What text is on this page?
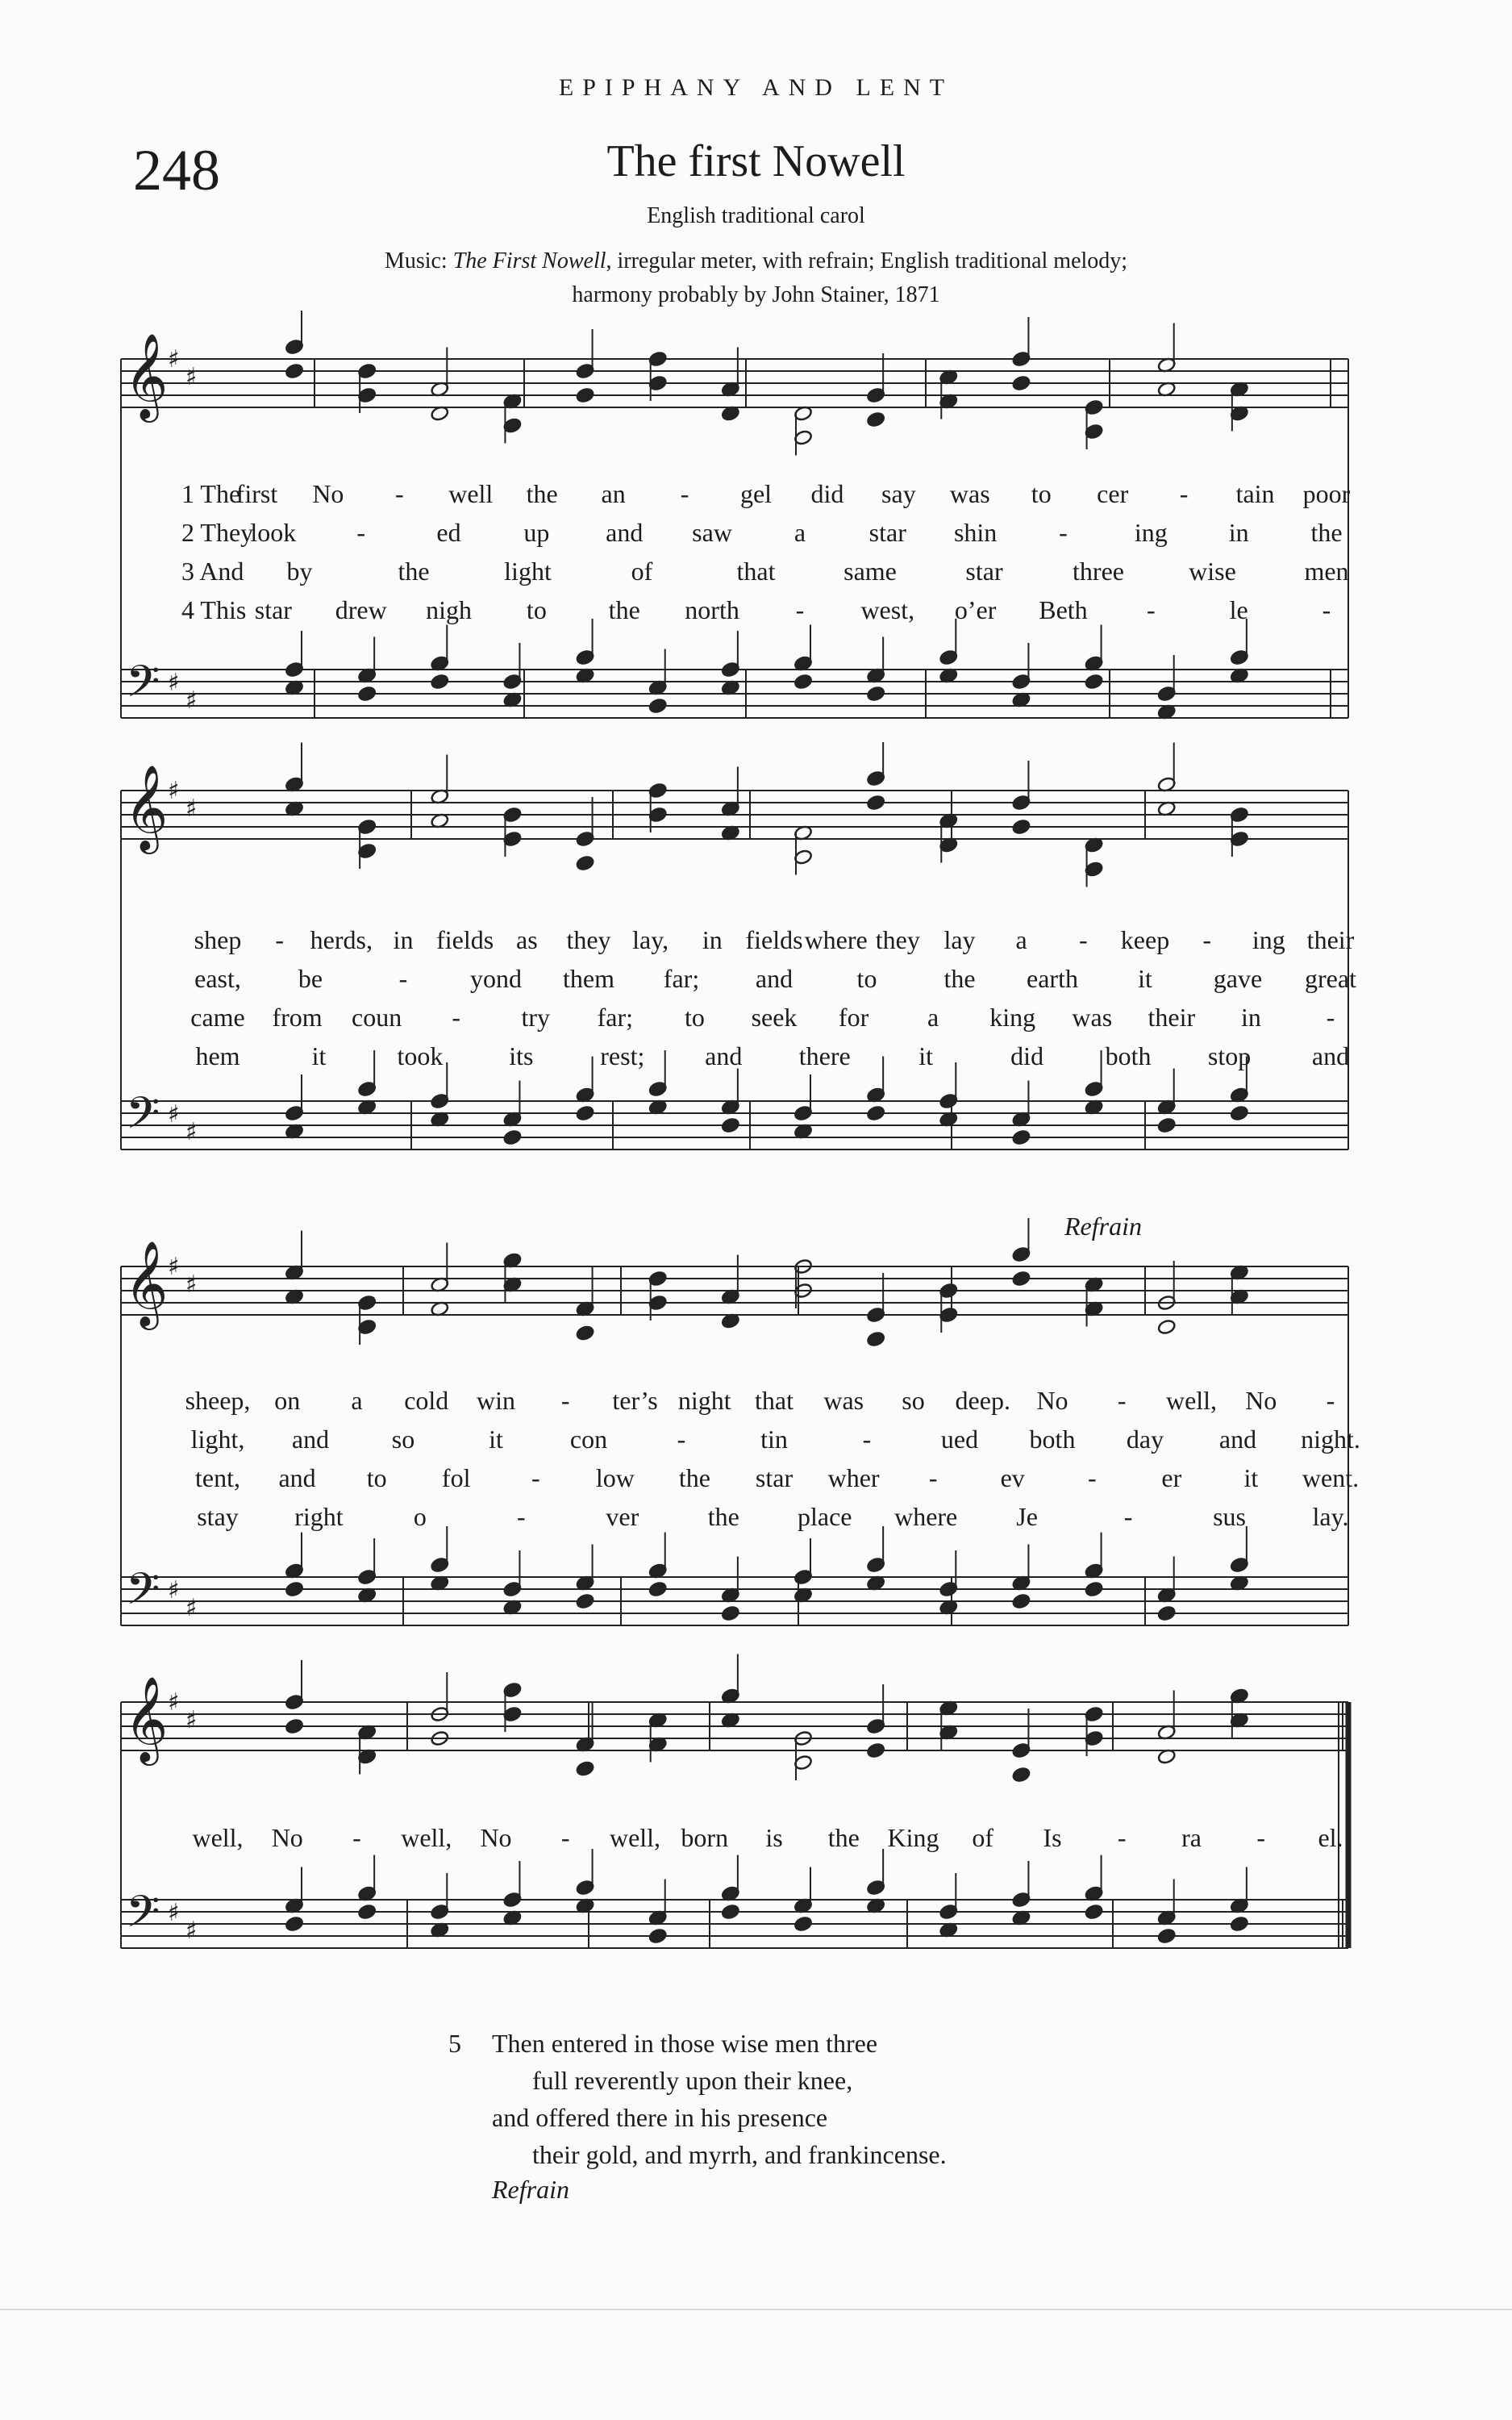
EPIPHANY AND LENT
248	The first Nowell
English traditional carol
Music: The First Nowell, irregular meter, with refrain; English traditional melody;
harmony probably by John Stainer, 1871
𝄞
𝄢
♯
♯
♯
♯
1 The
first No - well the an - gel did say was to cer - tain poor
2 They
look -	ed up and saw a star shin -	ing in the
3 And by	the	light	of	that	same	star	three	wise	men
4 This star drew nigh to the north - west, o’er Beth -	le	-
𝄞
𝄢
♯
♯
♯
♯
shep - herds, in fields as they lay, in fields where they lay a - keep - ing their
east, be	- yond them far; and to	the earth it gave great
came from coun - try far; to seek for a king was their in	-
hem	it	took	its	rest; and there	it	did both stop and
𝄞
𝄢
♯
♯
♯
♯
Refrain
sheep, on a cold win - ter’s night that was so deep. No - well, No -
light, and so	it	con	-	tin	-	ued both day and night.
tent, and to fol - low the star wher - ev -	er it went.
stay right	o	-	ver	the place where Je	-	sus	lay.
𝄞
𝄢
♯
♯
♯
♯
well, No - well, No - well, born is the King of Is - ra - el.
5 Then entered in those wise men three
full reverently upon their knee,
and offered there in his presence
their gold, and myrrh, and frankincense.
Refrain
